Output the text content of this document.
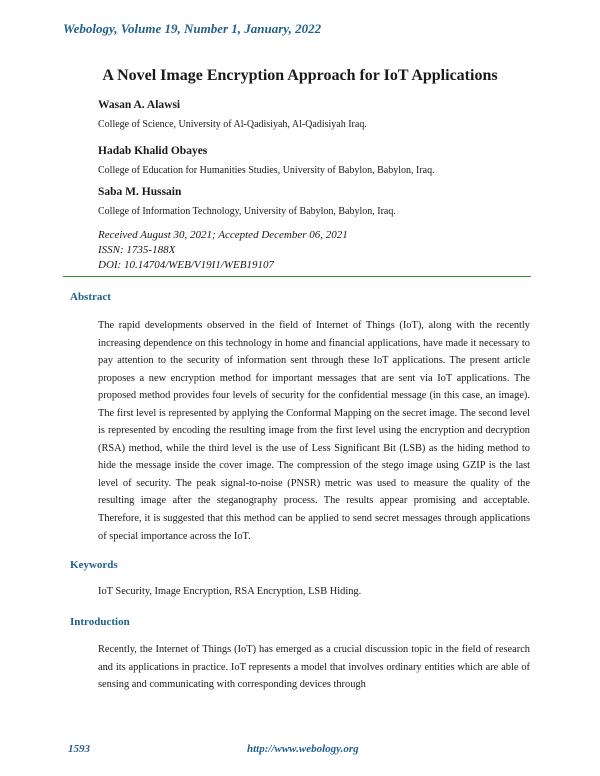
Webology, Volume 19, Number 1, January, 2022
A Novel Image Encryption Approach for IoT Applications
Wasan A. Alawsi
College of Science, University of Al-Qadisiyah, Al-Qadisiyah Iraq.
Hadab Khalid Obayes
College of Education for Humanities Studies, University of Babylon, Babylon, Iraq.
Saba M. Hussain
College of Information Technology, University of Babylon, Babylon, Iraq.
Received August 30, 2021; Accepted December 06, 2021
ISSN: 1735-188X
DOI: 10.14704/WEB/V19I1/WEB19107
Abstract
The rapid developments observed in the field of Internet of Things (IoT), along with the recently increasing dependence on this technology in home and financial applications, have made it necessary to pay attention to the security of information sent through these IoT applications. The present article proposes a new encryption method for important messages that are sent via IoT applications. The proposed method provides four levels of security for the confidential message (in this case, an image). The first level is represented by applying the Conformal Mapping on the secret image. The second level is represented by encoding the resulting image from the first level using the encryption and decryption (RSA) method, while the third level is the use of Less Significant Bit (LSB) as the hiding method to hide the message inside the cover image. The compression of the stego image using GZIP is the last level of security. The peak signal-to-noise (PNSR) metric was used to measure the quality of the resulting image after the steganography process. The results appear promising and acceptable. Therefore, it is suggested that this method can be applied to send secret messages through applications of special importance across the IoT.
Keywords
IoT Security, Image Encryption, RSA Encryption, LSB Hiding.
Introduction
Recently, the Internet of Things (IoT) has emerged as a crucial discussion topic in the field of research and its applications in practice. IoT represents a model that involves ordinary entities which are able of sensing and communicating with corresponding devices through
1593	http://www.webology.org
